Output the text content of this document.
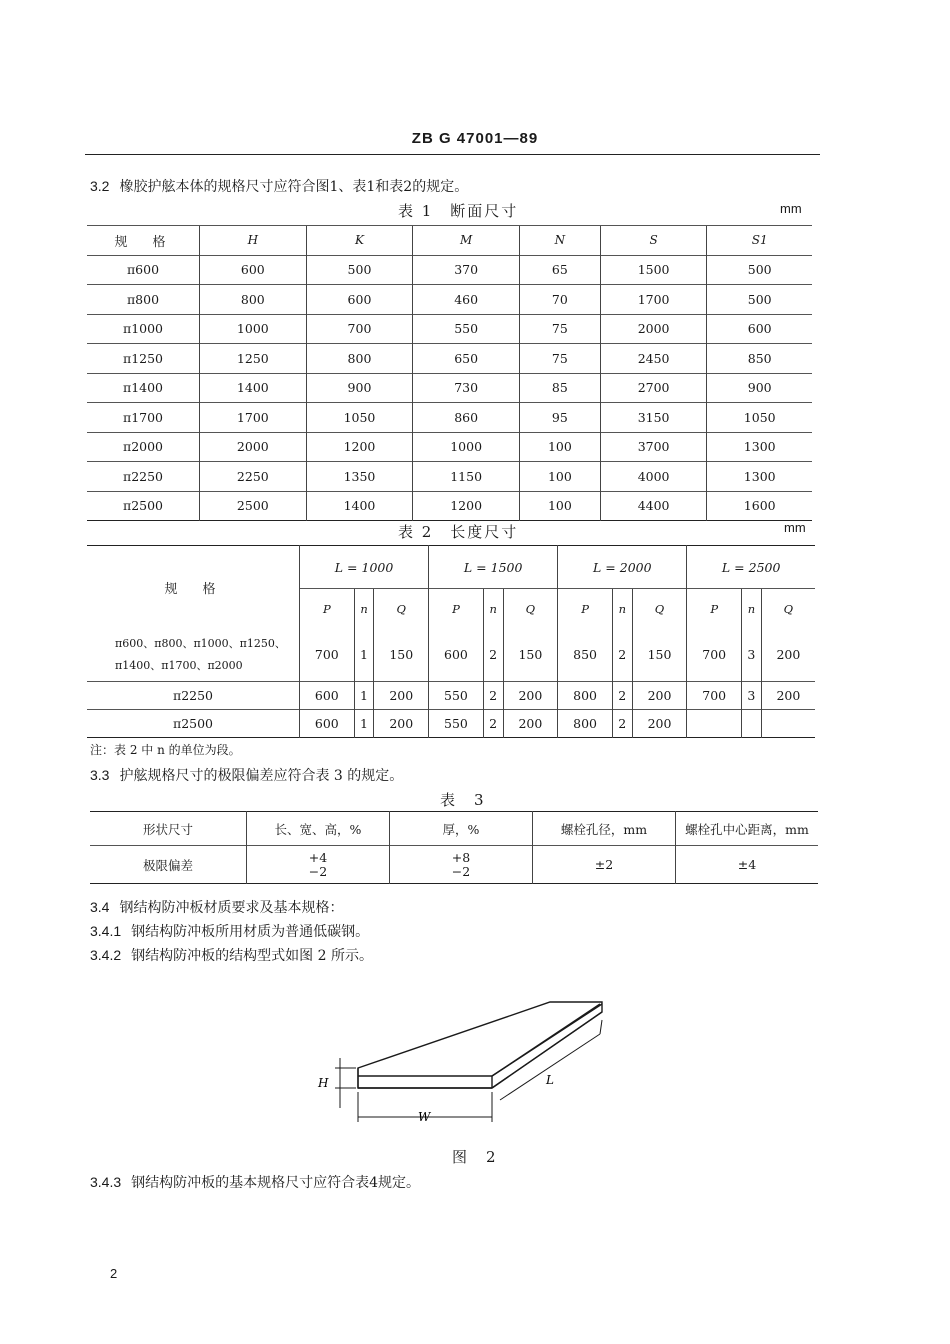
ZB G 47001—89
3.2 橡胶护舷本体的规格尺寸应符合图1、表1和表2的规定。
表 1　断面尺寸	mm
规　格	H	K	M	N	S	S1
π600	600	500	370	65	1500	500
π800	800	600	460	70	1700	500
π1000	1000	700	550	75	2000	600
π1250	1250	800	650	75	2450	850
π1400	1400	900	730	85	2700	900
π1700	1700	1050	860	95	3150	1050
π2000	2000	1200	1000	100	3700	1300
π2250	2250	1350	1150	100	4000	1300
π2500	2500	1400	1200	100	4400	1600
表 2　长度尺寸	mm
规　格	L = 1000			L = 1500			L = 2000			L = 2500		
	P	n	Q	P	n	Q	P	n	Q	P	n	Q

π600、π800、π1000、π1250、
π1400、π1700、π2000	700	1	150	600	2	150	850	2	150	700	3	200

π2250	600	1	200	550	2	200	800	2	200	700	3	200

π2500	600	1	200	550	2	200	800	2	200			
注：表 2 中 n 的单位为段。
3.3 护舷规格尺寸的极限偏差应符合表 3 的规定。
表　3
形状尺寸	长、宽、高，%	厚，%	螺栓孔径，mm	螺栓孔中心距离，mm
极限偏差	+4
−2	+8
−2	±2	±4
3.4 钢结构防冲板材质要求及基本规格：
3.4.1 钢结构防冲板所用材质为普通低碳钢。
3.4.2 钢结构防冲板的结构型式如图 2 所示。
H
W
L
图　2
3.4.3 钢结构防冲板的基本规格尺寸应符合表4规定。
2
